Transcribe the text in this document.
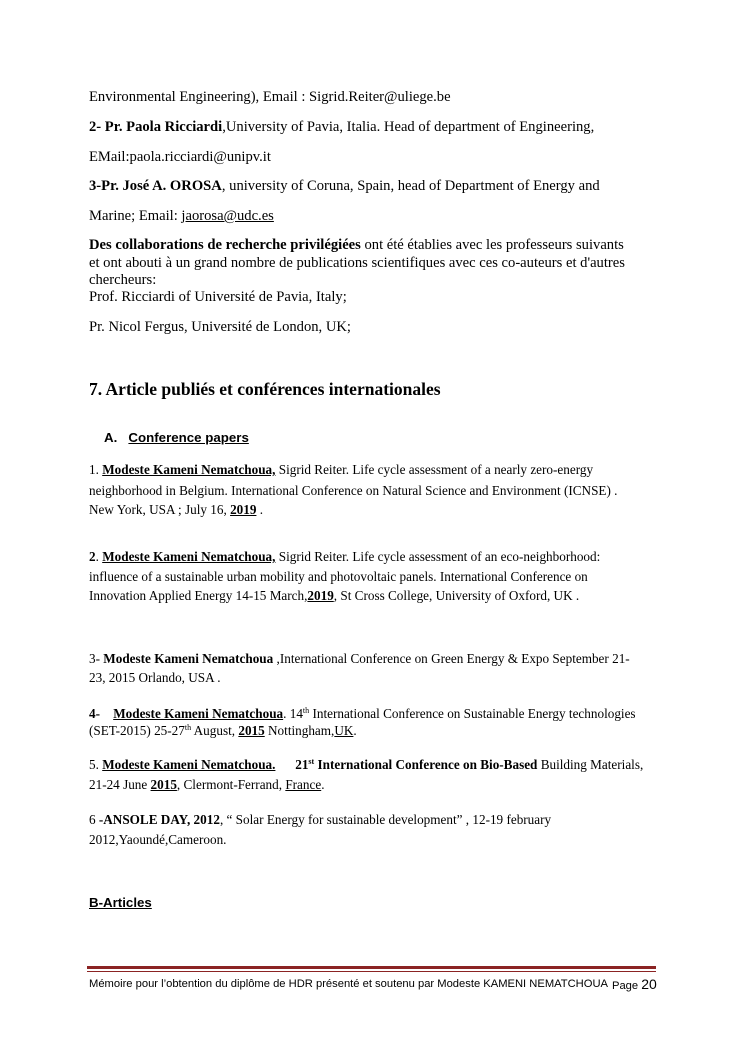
Environmental Engineering), Email : Sigrid.Reiter@uliege.be
2- Pr. Paola Ricciardi,University of Pavia, Italia. Head of department of Engineering,
EMail:paola.ricciardi@unipv.it
3-Pr. José A. OROSA, university of Coruna, Spain, head of Department of Energy and
Marine; Email: jaorosa@udc.es
Des collaborations de recherche privilégiées ont été établies avec les professeurs suivants
et ont abouti à un grand nombre de publications scientifiques avec ces co-auteurs et d'autres
chercheurs:
Prof. Ricciardi of Université de Pavia, Italy;
Pr. Nicol Fergus, Université de London, UK;
7. Article publiés et conférences internationales
A. Conference papers
1. Modeste Kameni Nematchoua, Sigrid Reiter. Life cycle assessment of a nearly zero-energy
neighborhood in Belgium. International Conference on Natural Science and Environment (ICNSE) .
New York, USA ; July 16, 2019 .
2. Modeste Kameni Nematchoua, Sigrid Reiter. Life cycle assessment of an eco-neighborhood:
influence of a sustainable urban mobility and photovoltaic panels. International Conference on
Innovation Applied Energy 14-15 March,2019, St Cross College, University of Oxford, UK .
3- Modeste Kameni Nematchoua ,International Conference on Green Energy & Expo September 21-
23, 2015 Orlando, USA .
4- Modeste Kameni Nematchoua. 14th International Conference on Sustainable Energy technologies
(SET-2015) 25-27th August, 2015 Nottingham,UK.
5. Modeste Kameni Nematchoua. 21st International Conference on Bio-Based Building Materials,
21-24 June 2015, Clermont-Ferrand, France.
6 -ANSOLE DAY, 2012, “ Solar Energy for sustainable development” , 12-19 february
2012,Yaoundé,Cameroon.
B-Articles
Mémoire pour l’obtention du diplôme de HDR présenté et soutenu par Modeste KAMENI NEMATCHOUA Page 20
